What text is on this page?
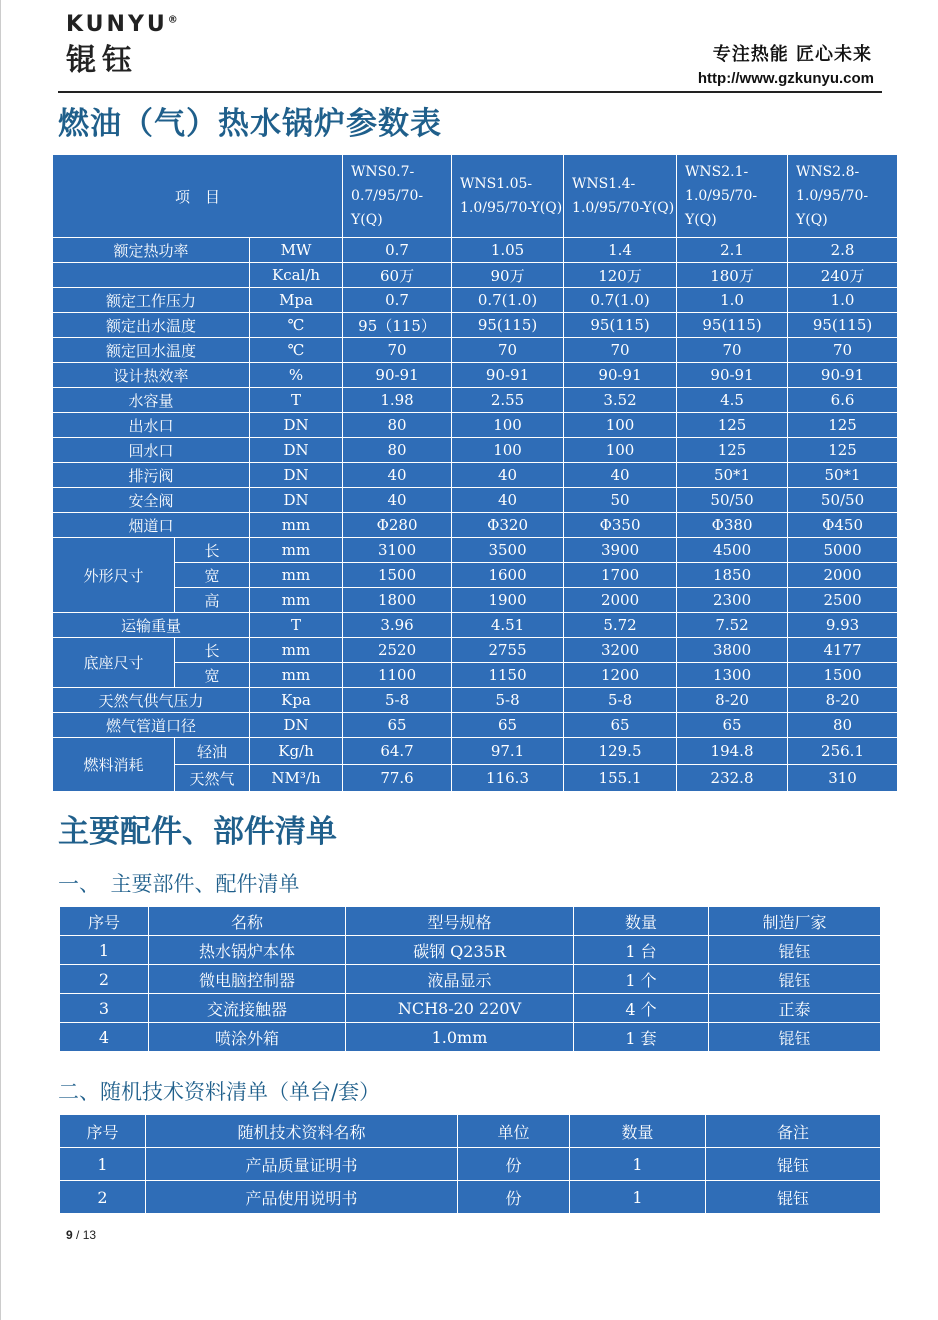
KUNYU®
锟钰	专注热能 匠心未来
http://www.gzkunyu.com
燃油（气）热水锅炉参数表
项　目			WNS0.7-0.7/95/70-Y(Q)	WNS1.05-1.0/95/70-Y(Q)	WNS1.4-1.0/95/70-Y(Q)	WNS2.1-1.0/95/70-Y(Q)	WNS2.8-1.0/95/70-Y(Q)
额定热功率		MW	0.7	1.05	1.4	2.1	2.8
		Kcal/h	60万	90万	120万	180万	240万
额定工作压力		Mpa	0.7	0.7(1.0)	0.7(1.0)	1.0	1.0
额定出水温度		℃	95（115）	95(115)	95(115)	95(115)	95(115)
额定回水温度		℃	70	70	70	70	70
设计热效率		%	90-91	90-91	90-91	90-91	90-91
水容量		T	1.98	2.55	3.52	4.5	6.6
出水口		DN	80	100	100	125	125
回水口		DN	80	100	100	125	125
排污阀		DN	40	40	40	50*1	50*1
安全阀		DN	40	40	50	50/50	50/50
烟道口		mm	Φ280	Φ320	Φ350	Φ380	Φ450
外形尺寸	长	mm	3100	3500	3900	4500	5000
	宽	mm	1500	1600	1700	1850	2000
	高	mm	1800	1900	2000	2300	2500
运输重量		T	3.96	4.51	5.72	7.52	9.93
底座尺寸	长	mm	2520	2755	3200	3800	4177
	宽	mm	1100	1150	1200	1300	1500
天然气供气压力		Kpa	5-8	5-8	5-8	8-20	8-20
燃气管道口径		DN	65	65	65	65	80
燃料消耗	轻油	Kg/h	64.7	97.1	129.5	194.8	256.1
	天然气	NM³/h	77.6	116.3	155.1	232.8	310
主要配件、部件清单
一、　主要部件、配件清单
序号	名称	型号规格	数量	制造厂家
1	热水锅炉本体	碳钢 Q235R	1 台	锟钰
2	微电脑控制器	液晶显示	1 个	锟钰
3	交流接触器	NCH8-20 220V	4 个	正泰
4	喷涂外箱	1.0mm	1 套	锟钰
二、随机技术资料清单（单台/套）
序号	随机技术资料名称	单位	数量	备注
1	产品质量证明书	份	1	锟钰
2	产品使用说明书	份	1	锟钰
9 / 13
